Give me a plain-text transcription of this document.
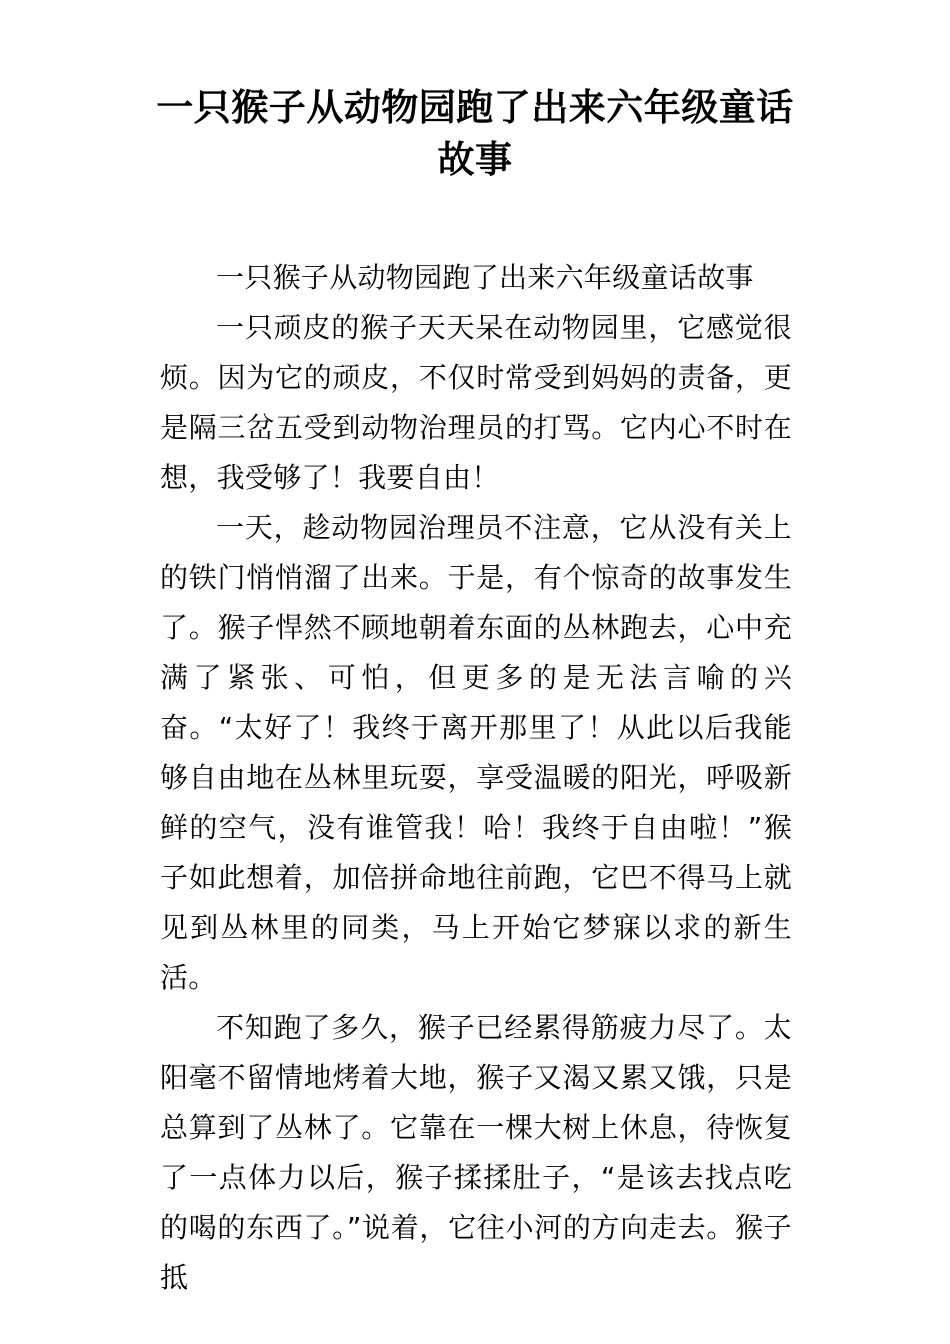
一只猴子从动物园跑了出来六年级童话故事

一只猴子从动物园跑了出来六年级童话故事

一只顽皮的猴子天天呆在动物园里，它感觉很烦。因为它的顽皮，不仅时常受到妈妈的责备，更是隔三岔五受到动物治理员的打骂。它内心不时在想，我受够了！我要自由！

一天，趁动物园治理员不注意，它从没有关上的铁门悄悄溜了出来。于是，有个惊奇的故事发生了。猴子悍然不顾地朝着东面的丛林跑去，心中充满了紧张、可怕，但更多的是无法言喻的兴奋。“太好了！我终于离开那里了！从此以后我能够自由地在丛林里玩耍，享受温暖的阳光，呼吸新鲜的空气，没有谁管我！哈！我终于自由啦！”猴子如此想着，加倍拼命地往前跑，它巴不得马上就见到丛林里的同类，马上开始它梦寐以求的新生活。

不知跑了多久，猴子已经累得筋疲力尽了。太阳毫不留情地烤着大地，猴子又渴又累又饿，只是总算到了丛林了。它靠在一棵大树上休息，待恢复了一点体力以后，猴子揉揉肚子，“是该去找点吃的喝的东西了。”说着，它往小河的方向走去。猴子抵
